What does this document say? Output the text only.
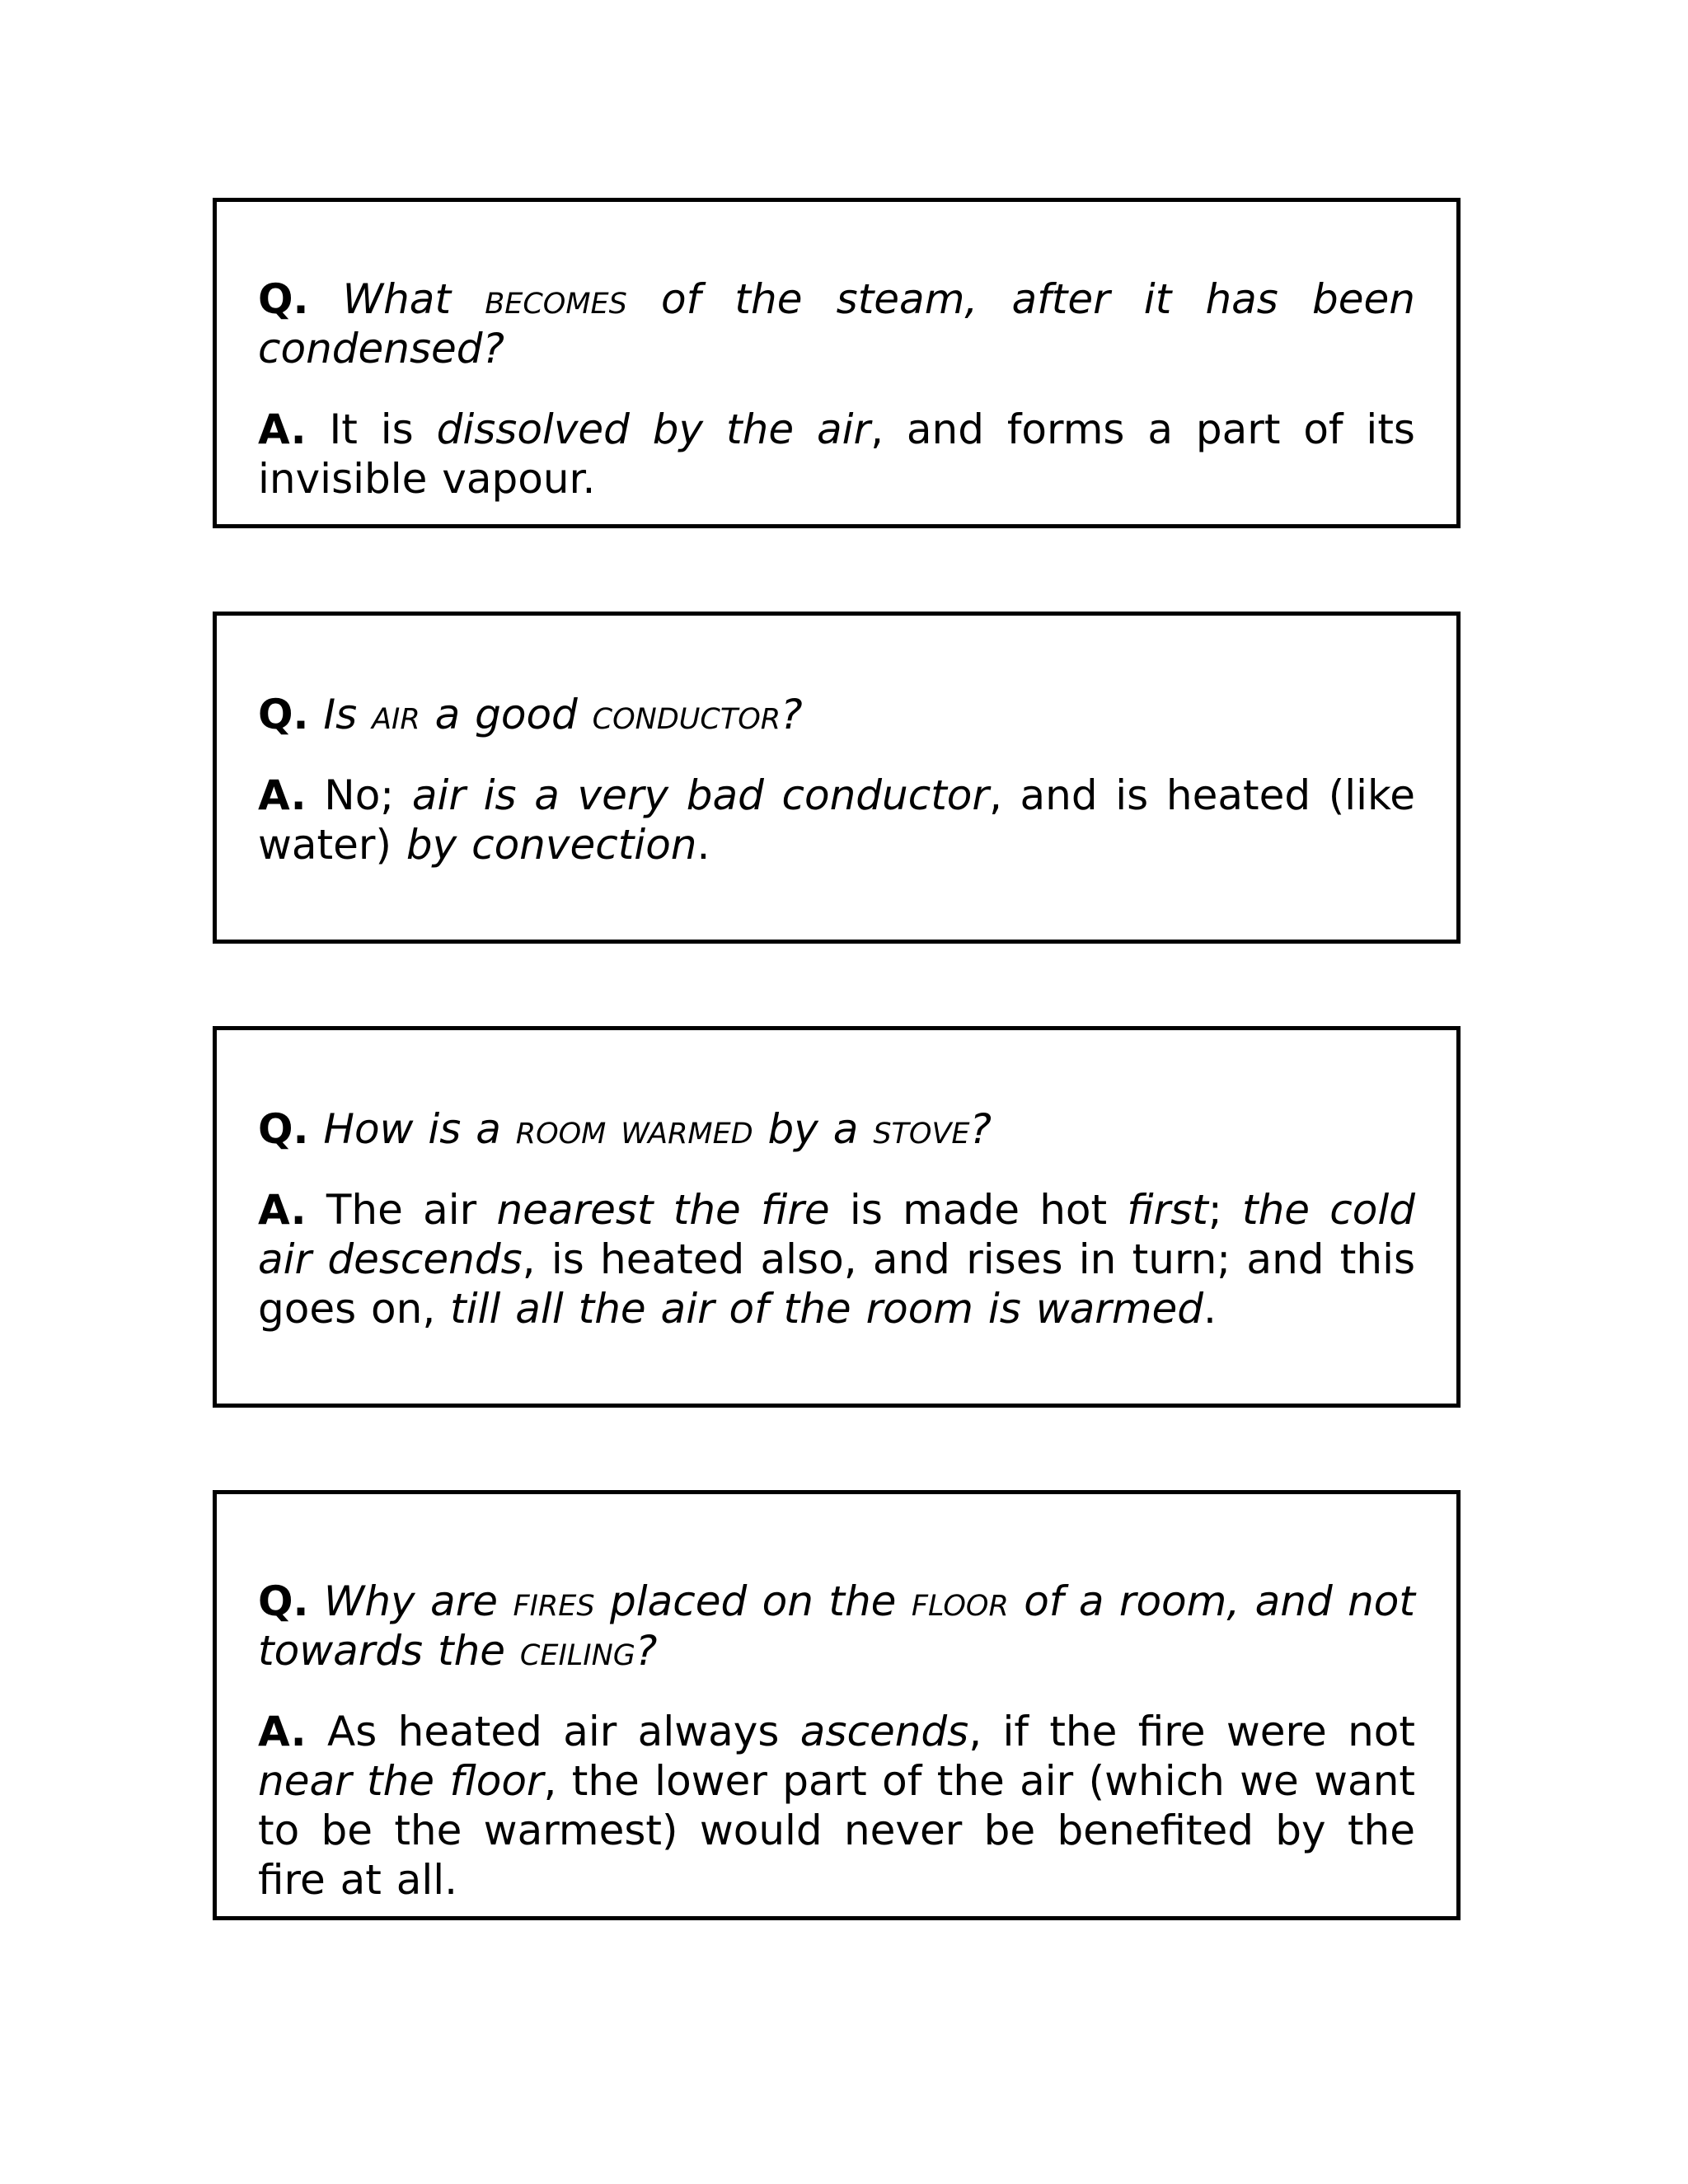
Q. What becomes of the steam, after it has been condensed?

A. It is dissolved by the air, and forms a part of its invisible vapour.

Q. Is air a good conductor?

A. No; air is a very bad conductor, and is heated (like water) by convection.

Q. How is a room warmed by a stove?

A. The air nearest the fire is made hot first; the cold air descends, is heated also, and rises in turn; and this goes on, till all the air of the room is warmed.

Q. Why are fires placed on the floor of a room, and not towards the ceiling?

A. As heated air always ascends, if the fire were not near the floor, the lower part of the air (which we want to be the warmest) would never be benefited by the fire at all.
